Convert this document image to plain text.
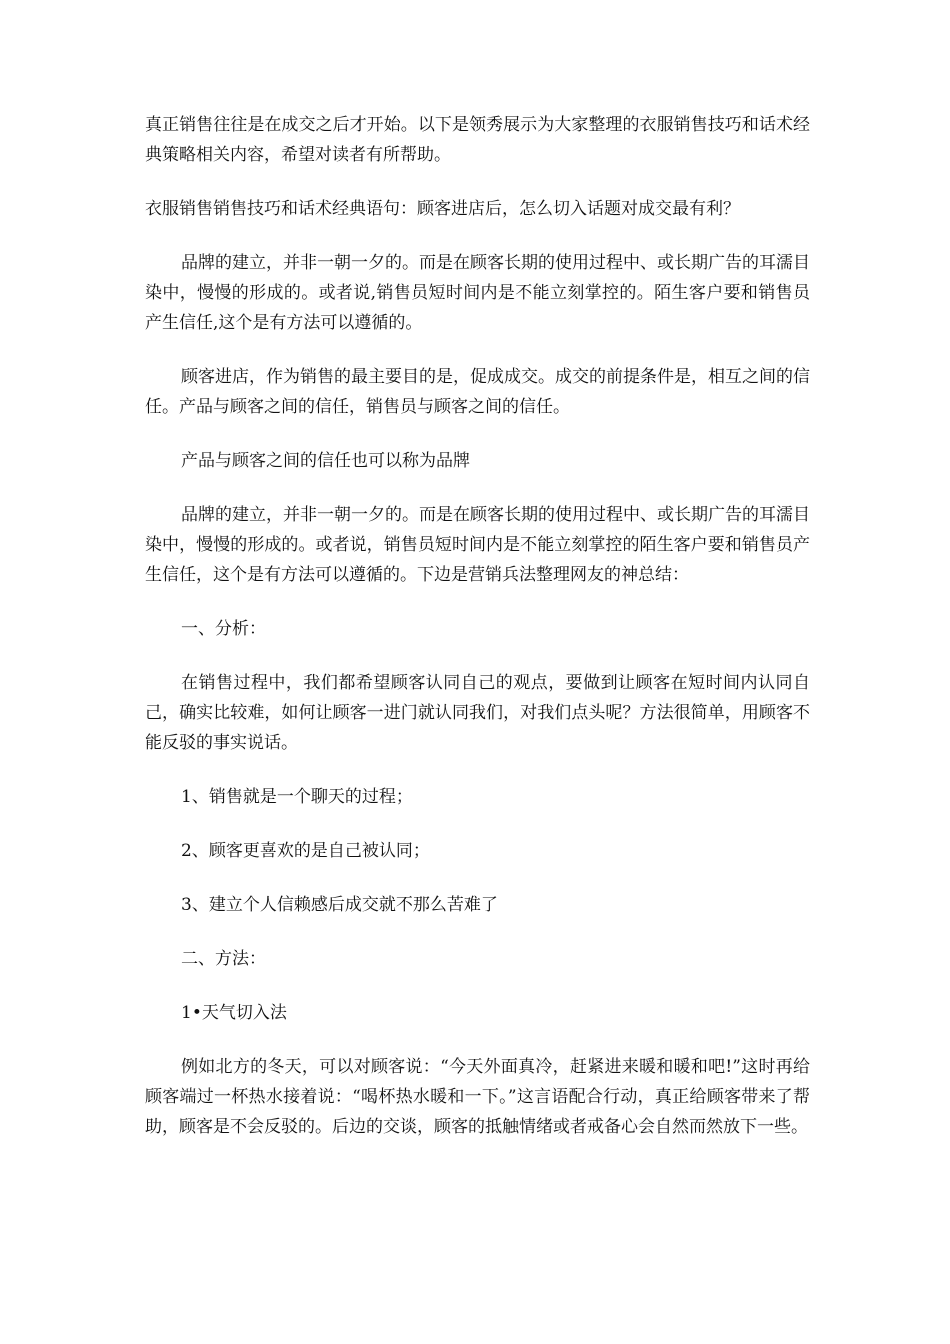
真正销售往往是在成交之后才开始。以下是领秀展示为大家整理的衣服销售技巧和话术经典策略相关内容，希望对读者有所帮助。

衣服销售销售技巧和话术经典语句：顾客进店后，怎么切入话题对成交最有利？

品牌的建立，并非一朝一夕的。而是在顾客长期的使用过程中、或长期广告的耳濡目染中，慢慢的形成的。或者说,销售员短时间内是不能立刻掌控的。陌生客户要和销售员产生信任,这个是有方法可以遵循的。

顾客进店，作为销售的最主要目的是，促成成交。成交的前提条件是，相互之间的信任。产品与顾客之间的信任，销售员与顾客之间的信任。

产品与顾客之间的信任也可以称为品牌

品牌的建立，并非一朝一夕的。而是在顾客长期的使用过程中、或长期广告的耳濡目染中，慢慢的形成的。或者说，销售员短时间内是不能立刻掌控的陌生客户要和销售员产生信任，这个是有方法可以遵循的。下边是营销兵法整理网友的神总结：

一、分析：

在销售过程中，我们都希望顾客认同自己的观点，要做到让顾客在短时间内认同自己，确实比较难，如何让顾客一进门就认同我们，对我们点头呢？方法很简单，用顾客不能反驳的事实说话。

1、销售就是一个聊天的过程；

2、顾客更喜欢的是自己被认同；

3、建立个人信赖感后成交就不那么苦难了

二、方法：

1•天气切入法

例如北方的冬天，可以对顾客说：“今天外面真冷，赶紧进来暖和暖和吧!”这时再给顾客端过一杯热水接着说：“喝杯热水暖和一下。”这言语配合行动，真正给顾客带来了帮助，顾客是不会反驳的。后边的交谈，顾客的抵触情绪或者戒备心会自然而然放下一些。
